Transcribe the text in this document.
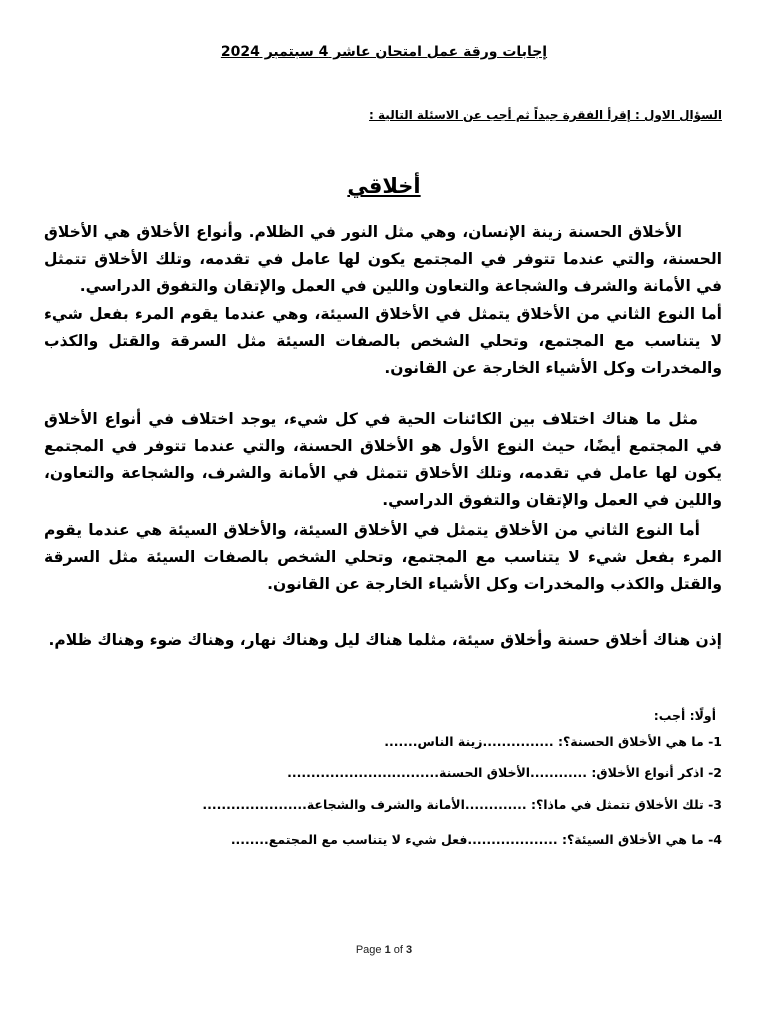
إجابات ورقة عمل امتحان عاشر 4 سبتمبر 2024
السؤال الاول : إقرأ الفقرة جيداً ثم أجب عن الاسئلة التالية :
أخلاقي
الأخلاق الحسنة زينة الإنسان، وهي مثل النور في الظلام. وأنواع الأخلاق هي الأخلاق الحسنة، والتي عندما تتوفر في المجتمع يكون لها عامل في تقدمه، وتلك الأخلاق تتمثل في الأمانة والشرف والشجاعة والتعاون واللين في العمل والإتقان والتفوق الدراسي.
أما النوع الثاني من الأخلاق يتمثل في الأخلاق السيئة، وهي عندما يقوم المرء بفعل شيء لا يتناسب مع المجتمع، وتحلي الشخص بالصفات السيئة مثل السرقة والقتل والكذب والمخدرات وكل الأشياء الخارجة عن القانون.
مثل ما هناك اختلاف بين الكائنات الحية في كل شيء، يوجد اختلاف في أنواع الأخلاق في المجتمع أيضًا، حيث النوع الأول هو الأخلاق الحسنة، والتي عندما تتوفر في المجتمع يكون لها عامل في تقدمه، وتلك الأخلاق تتمثل في الأمانة والشرف، والشجاعة والتعاون، واللين في العمل والإتقان والتفوق الدراسي.
أما النوع الثاني من الأخلاق يتمثل في الأخلاق السيئة، والأخلاق السيئة هي عندما يقوم المرء بفعل شيء لا يتناسب مع المجتمع، وتحلي الشخص بالصفات السيئة مثل السرقة والقتل والكذب والمخدرات وكل الأشياء الخارجة عن القانون.
إذن هناك أخلاق حسنة وأخلاق سيئة، مثلما هناك ليل وهناك نهار، وهناك ضوء وهناك ظلام.
أولًا: أجب:
1- ما هي الأخلاق الحسنة؟: ...............زينة الناس.......
2- اذكر أنواع الأخلاق: ............الأخلاق الحسنة................................
3- تلك الأخلاق تتمثل في ماذا؟: .............الأمانة والشرف والشجاعة......................
4- ما هي الأخلاق السيئة؟: ...................فعل شيء لا يتناسب مع المجتمع........
Page 1 of 3
